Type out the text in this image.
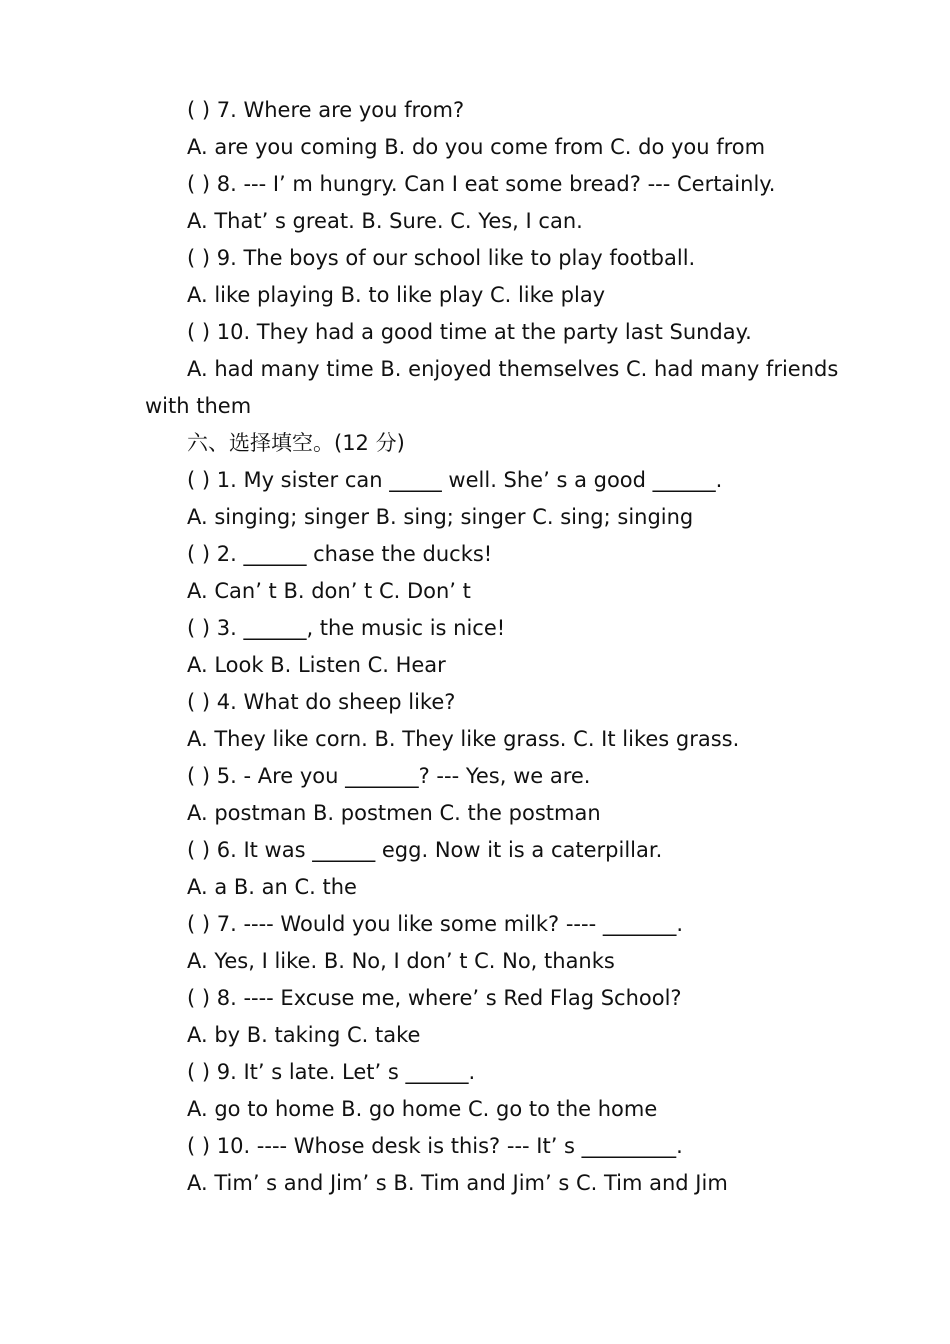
( ) 7. Where are you from?
A. are you coming B. do you come from C. do you from
( ) 8. --- I’ m hungry. Can I eat some bread? --- Certainly.
A. That’ s great. B. Sure. C. Yes, I can.
( ) 9. The boys of our school like to play football.
A. like playing B. to like play C. like play
( ) 10. They had a good time at the party last Sunday.
A. had many time B. enjoyed themselves C. had many friends
with them
六、选择填空。(12 分)
( ) 1. My sister can _____ well. She’ s a good ______.
A. singing; singer B. sing; singer C. sing; singing
( ) 2. ______ chase the ducks!
A. Can’ t B. don’ t C. Don’ t
( ) 3. ______, the music is nice!
A. Look B. Listen C. Hear
( ) 4. What do sheep like?
A. They like corn. B. They like grass. C. It likes grass.
( ) 5. - Are you _______? --- Yes, we are.
A. postman B. postmen C. the postman
( ) 6. It was ______ egg. Now it is a caterpillar.
A. a B. an C. the
( ) 7. ---- Would you like some milk? ---- _______.
A. Yes, I like. B. No, I don’ t C. No, thanks
( ) 8. ---- Excuse me, where’ s Red Flag School?
A. by B. taking C. take
( ) 9. It’ s late. Let’ s ______.
A. go to home B. go home C. go to the home
( ) 10. ---- Whose desk is this? --- It’ s _________.
A. Tim’ s and Jim’ s B. Tim and Jim’ s C. Tim and Jim
